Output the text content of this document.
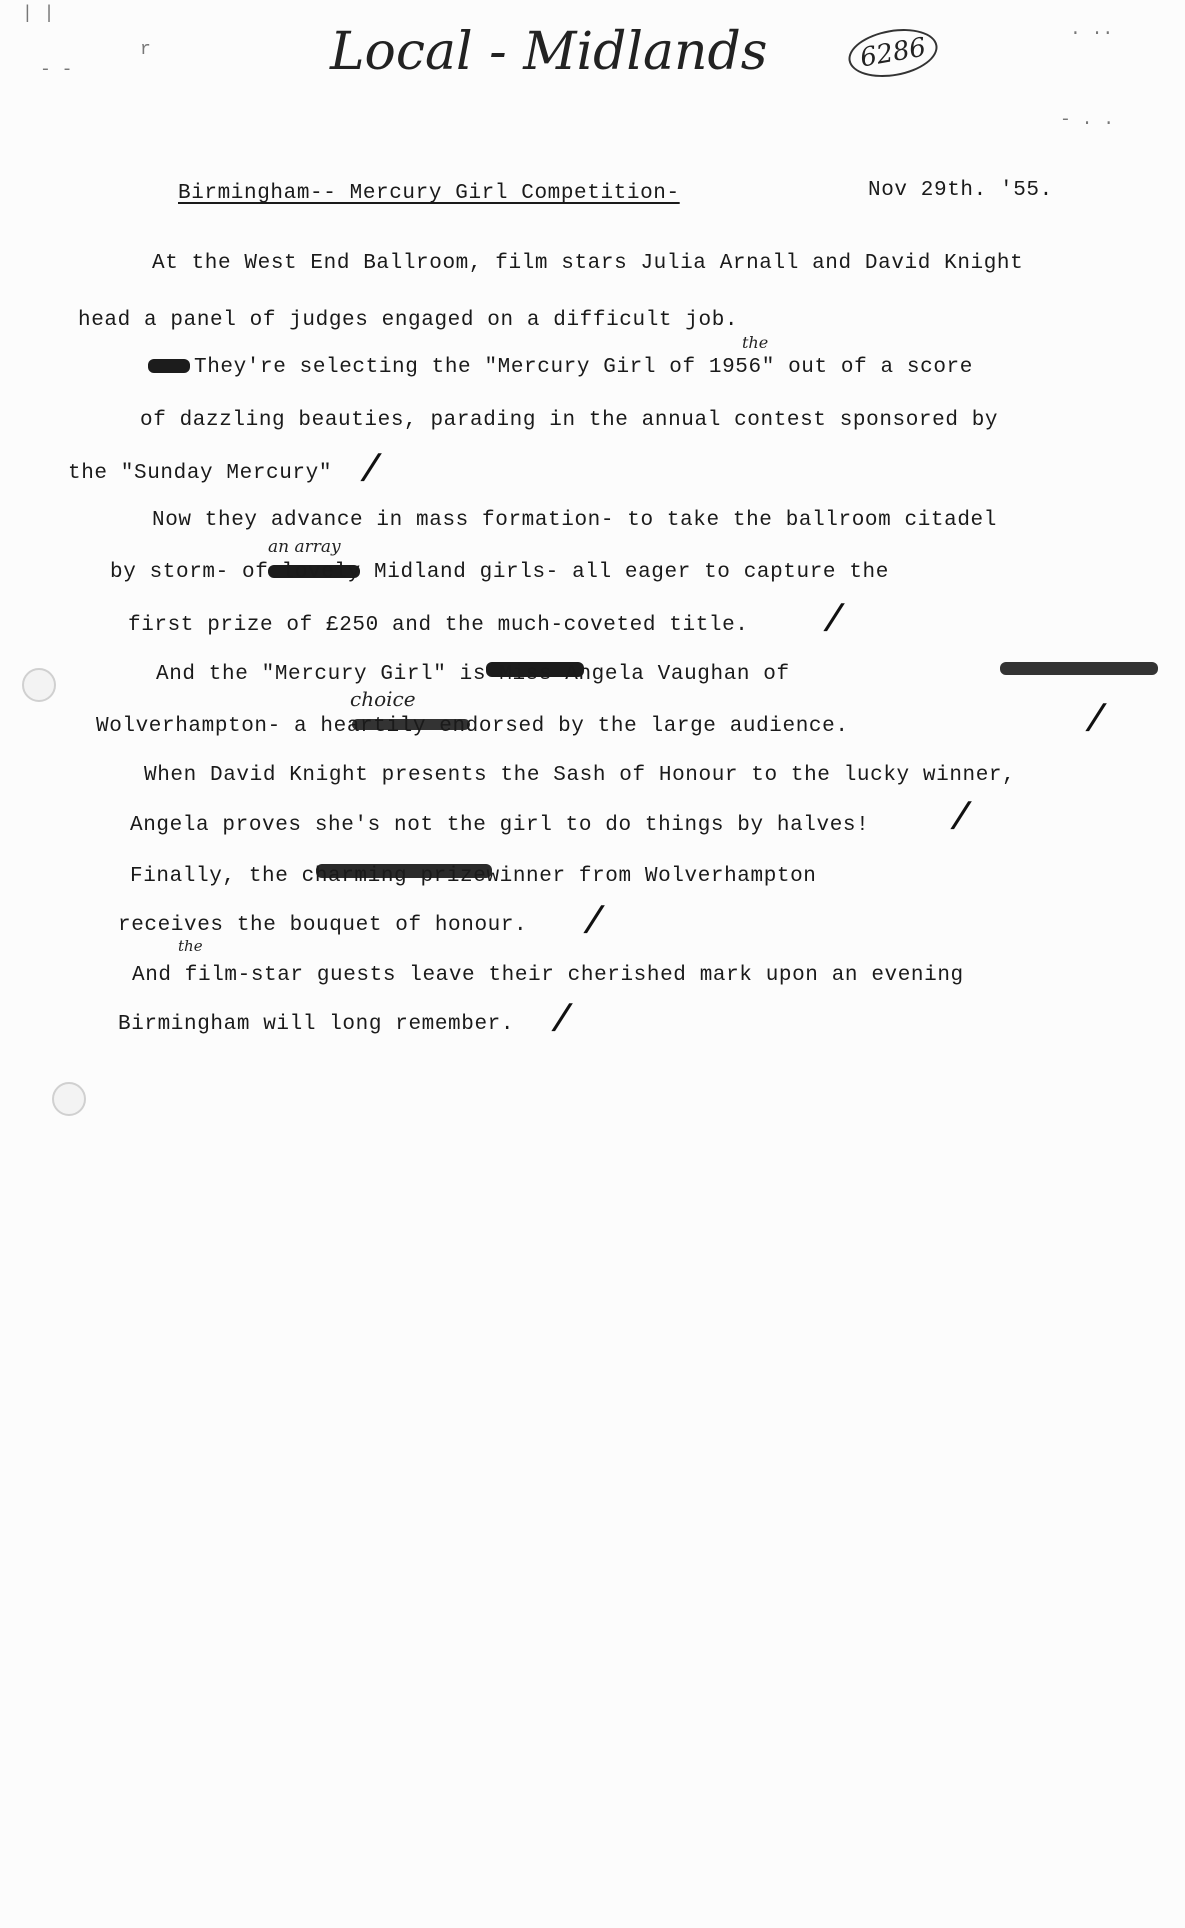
| |
- -
r
. ..
- . .
Local - Midlands	6286
Birmingham-- Mercury Girl Competition-	Nov 29th. '55.
At the West End Ballroom, film stars Julia Arnall and David Knight
head a panel of judges engaged on a difficult job.
the
They're selecting the "Mercury Girl of 1956" out of a score
of dazzling beauties, parading in the annual contest sponsored by
the "Sunday Mercury" /
Now they advance in mass formation- to take the ballroom citadel
an array
by storm- of lovely Midland girls- all eager to capture the
first prize of £250 and the much-coveted title. /
And the "Mercury Girl" is Miss Angela Vaughan of
choice
Wolverhampton- a heartily endorsed by the large audience.	/
When David Knight presents the Sash of Honour to the lucky winner,
Angela proves she's not the girl to do things by halves! /
Finally, the charming prizewinner from Wolverhampton
receives the bouquet of honour. /
the
And film-star guests leave their cherished mark upon an evening
Birmingham will long remember. /
